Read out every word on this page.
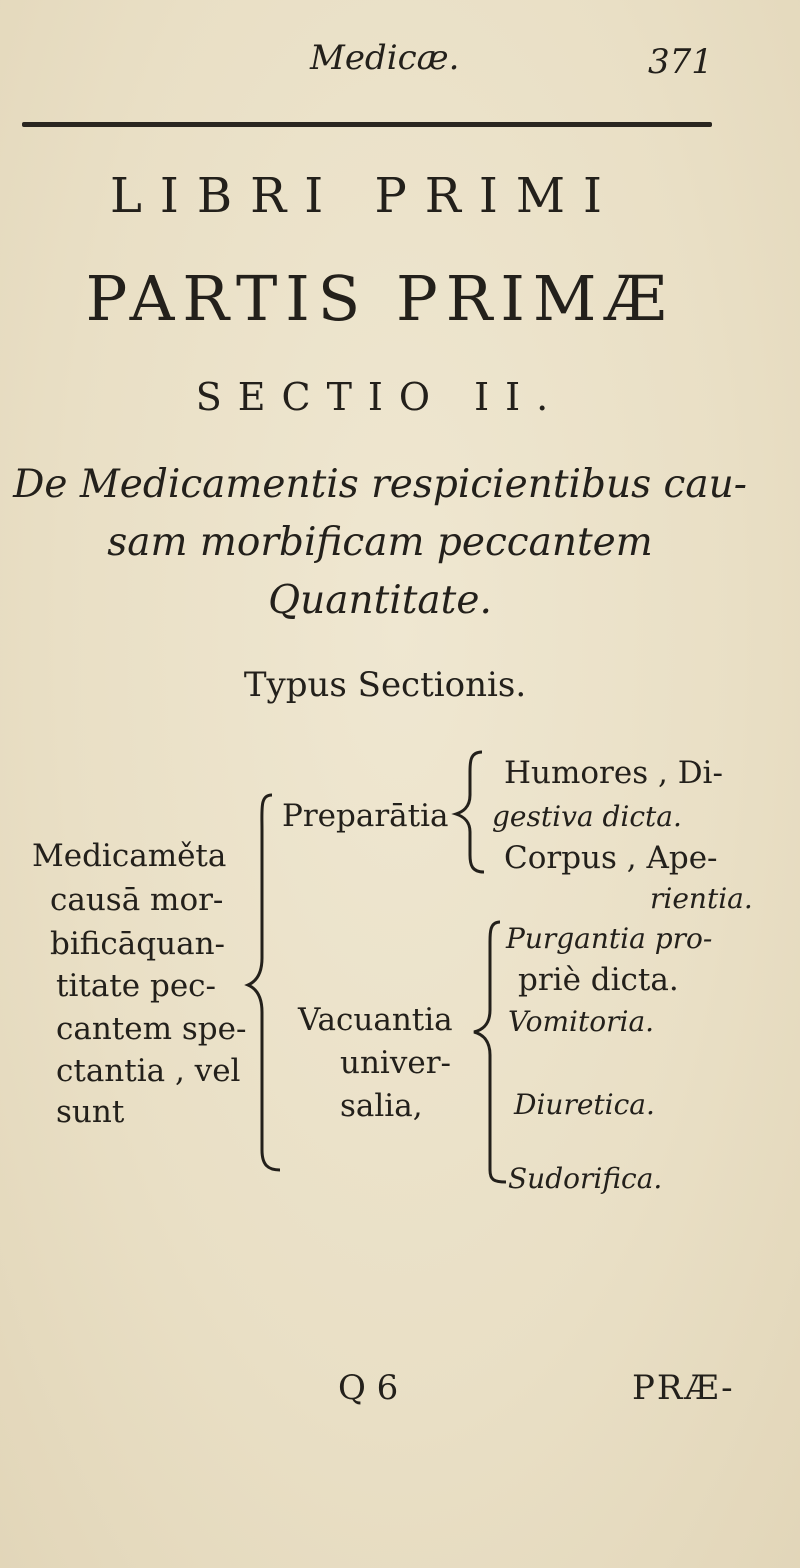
Medicæ.	371
LIBRI PRIMI
PARTIS PRIMÆ
SECTIO II.
De Medicamentis respicientibus cau-
sam morbificam peccantem
Quantitate.
Typus Sectionis.
Medicaměta
causā mor-
bificāquan-
titate pec-
cantem spe-
ctantia , vel
sunt
Preparātia
Humores , Di-
gestiva dicta.
Corpus , Ape-
rientia.
Vacuantia
univer-
salia,
Purgantia pro-
priè dicta.
Vomitoria.
Diuretica.
Sudorifica.
Q 6	PRÆ-
